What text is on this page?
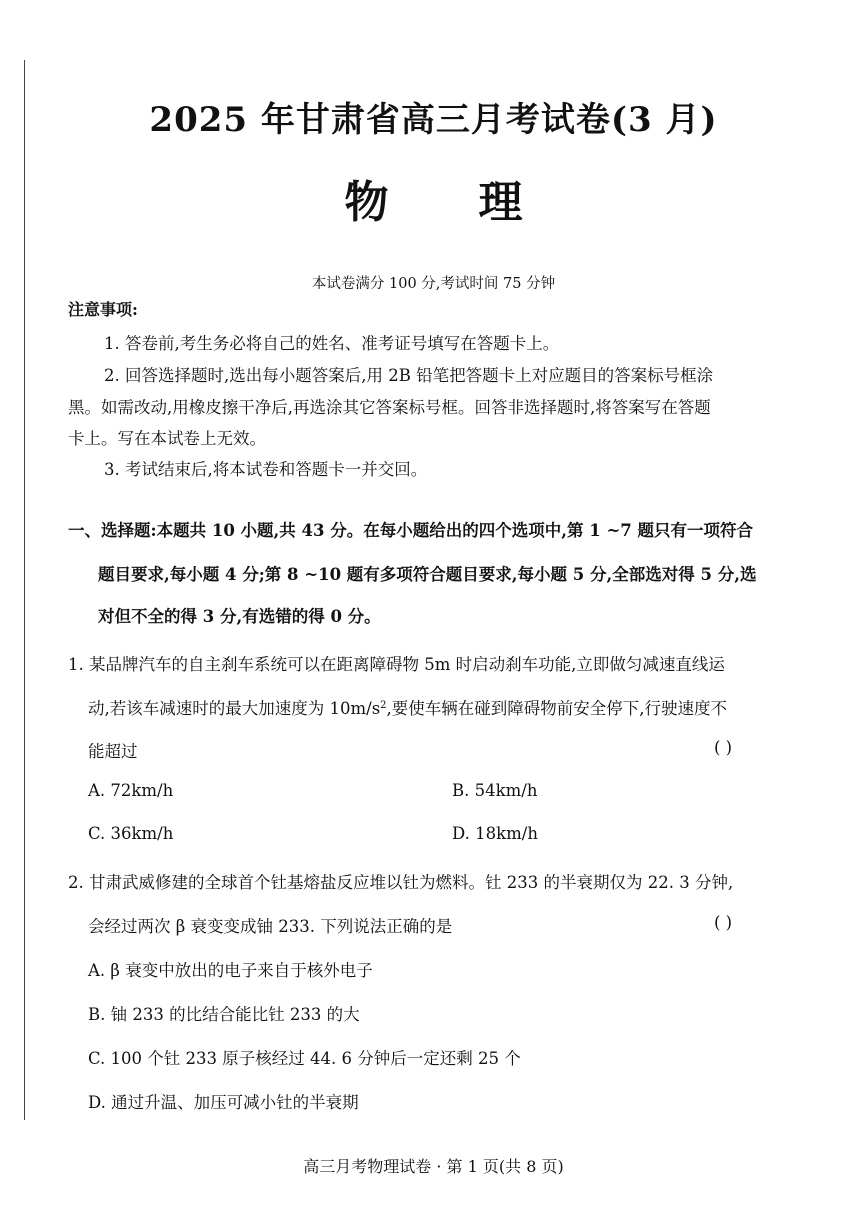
2025 年甘肃省高三月考试卷(3 月)
物 理
本试卷满分 100 分,考试时间 75 分钟
注意事项:
1. 答卷前,考生务必将自己的姓名、准考证号填写在答题卡上。
2. 回答选择题时,选出每小题答案后,用 2B 铅笔把答题卡上对应题目的答案标号框涂
黑。如需改动,用橡皮擦干净后,再选涂其它答案标号框。回答非选择题时,将答案写在答题
卡上。写在本试卷上无效。
3. 考试结束后,将本试卷和答题卡一并交回。
一、选择题:本题共 10 小题,共 43 分。在每小题给出的四个选项中,第 1 ~7 题只有一项符合
题目要求,每小题 4 分;第 8 ~10 题有多项符合题目要求,每小题 5 分,全部选对得 5 分,选
对但不全的得 3 分,有选错的得 0 分。
1. 某品牌汽车的自主刹车系统可以在距离障碍物 5m 时启动刹车功能,立即做匀减速直线运
动,若该车减速时的最大加速度为 $10m/s^2$,要使车辆在碰到障碍物前安全停下,行驶速度不
能超过	( )
A. 72km/h	B. 54km/h
C. 36km/h	D. 18km/h
2. 甘肃武威修建的全球首个钍基熔盐反应堆以钍为燃料。钍 233 的半衰期仅为 22. 3 分钟,
会经过两次 β 衰变变成铀 233. 下列说法正确的是	( )
A. β 衰变中放出的电子来自于核外电子
B. 铀 233 的比结合能比钍 233 的大
C. 100 个钍 233 原子核经过 44. 6 分钟后一定还剩 25 个
D. 通过升温、加压可减小钍的半衰期
高三月考物理试卷 · 第 1 页(共 8 页)
